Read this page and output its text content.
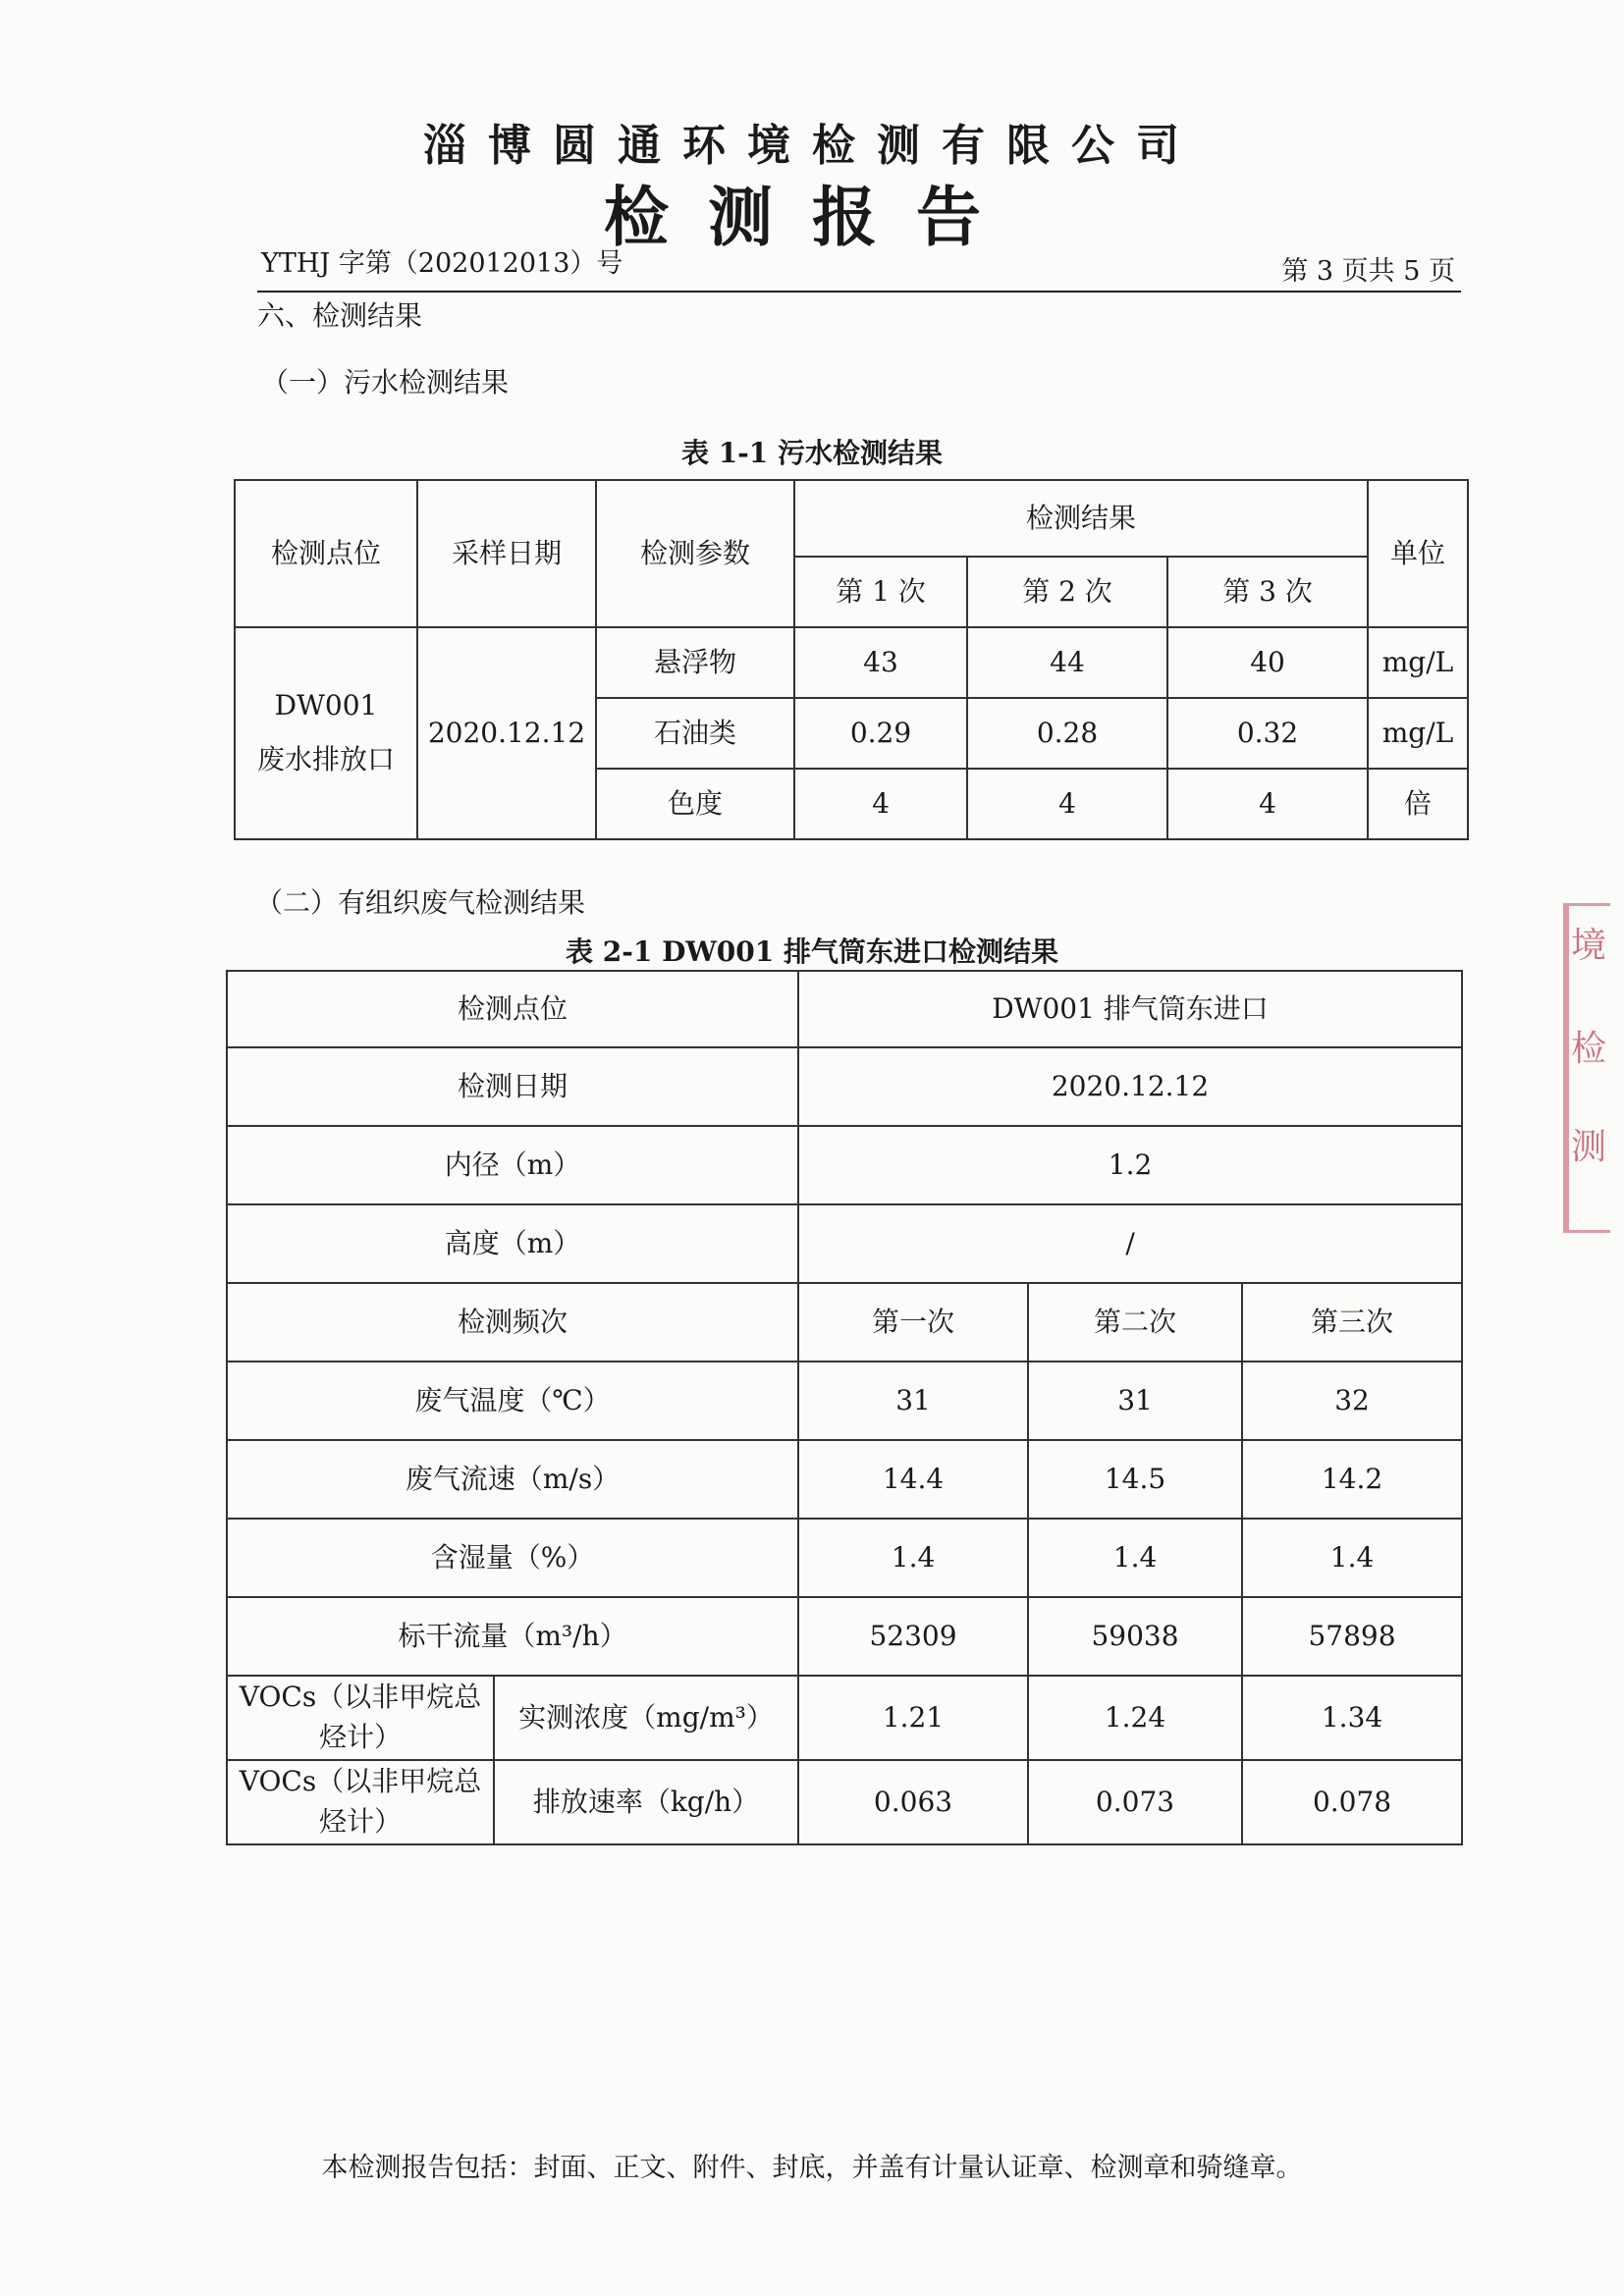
淄博圆通环境检测有限公司
检测报告
YTHJ 字第（202012013）号	第 3 页共 5 页
六、检测结果
（一）污水检测结果
表 1-1 污水检测结果
检测点位	采样日期	检测参数	检测结果			单位
			第 1 次	第 2 次	第 3 次	

DW001
废水排放口	2020.12.12	悬浮物	43	44	40	mg/L
		石油类	0.29	0.28	0.32	mg/L
		色度	4	4	4	倍
（二）有组织废气检测结果
表 2-1 DW001 排气筒东进口检测结果
检测点位		DW001 排气筒东进口		
检测日期		2020.12.12		
内径（m）		1.2		
高度（m）		/		
检测频次		第一次	第二次	第三次
废气温度（℃）		31	31	32
废气流速（m/s）		14.4	14.5	14.2
含湿量（%）		1.4	1.4	1.4
标干流量（m³/h）		52309	59038	57898
VOCs（以非甲烷总烃计）	实测浓度（mg/m³）	1.21	1.24	1.34
VOCs（以非甲烷总烃计）	排放速率（kg/h）	0.063	0.073	0.078
境
检
测
本检测报告包括：封面、正文、附件、封底，并盖有计量认证章、检测章和骑缝章。
